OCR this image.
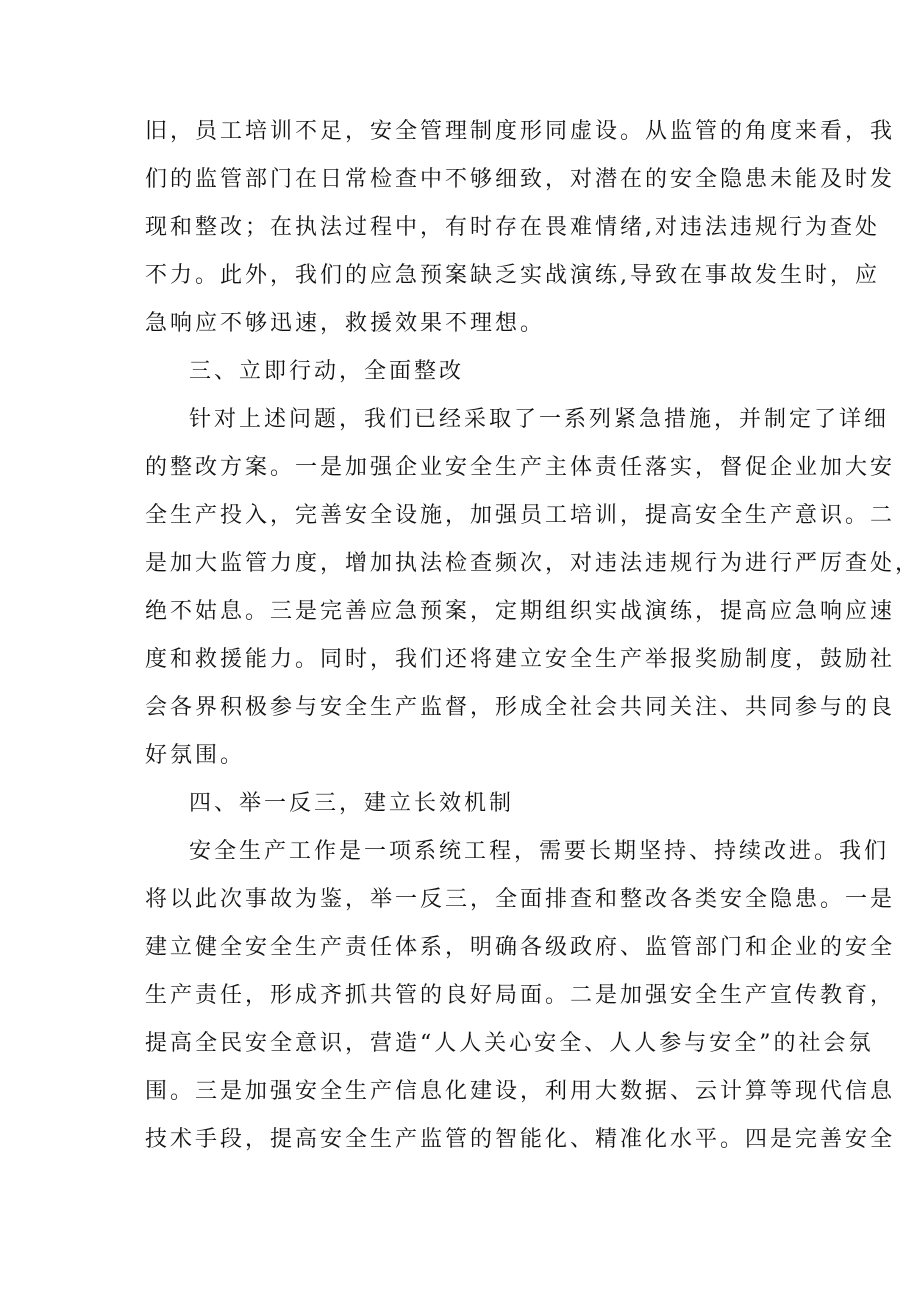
旧，员工培训不足，安全管理制度形同虚设。从监管的角度来看，我
们的监管部门在日常检查中不够细致，对潜在的安全隐患未能及时发
现和整改；在执法过程中，有时存在畏难情绪,对违法违规行为查处
不力。此外，我们的应急预案缺乏实战演练,导致在事故发生时，应
急响应不够迅速，救援效果不理想。
三、立即行动，全面整改
针对上述问题，我们已经采取了一系列紧急措施，并制定了详细
的整改方案。一是加强企业安全生产主体责任落实，督促企业加大安
全生产投入，完善安全设施，加强员工培训，提高安全生产意识。二
是加大监管力度，增加执法检查频次，对违法违规行为进行严厉查处，
绝不姑息。三是完善应急预案，定期组织实战演练，提高应急响应速
度和救援能力。同时，我们还将建立安全生产举报奖励制度，鼓励社
会各界积极参与安全生产监督，形成全社会共同关注、共同参与的良
好氛围。
四、举一反三，建立长效机制
安全生产工作是一项系统工程，需要长期坚持、持续改进。我们
将以此次事故为鉴，举一反三，全面排查和整改各类安全隐患。一是
建立健全安全生产责任体系，明确各级政府、监管部门和企业的安全
生产责任，形成齐抓共管的良好局面。二是加强安全生产宣传教育，
提高全民安全意识，营造“人人关心安全、人人参与安全”的社会氛
围。三是加强安全生产信息化建设，利用大数据、云计算等现代信息
技术手段，提高安全生产监管的智能化、精准化水平。四是完善安全
